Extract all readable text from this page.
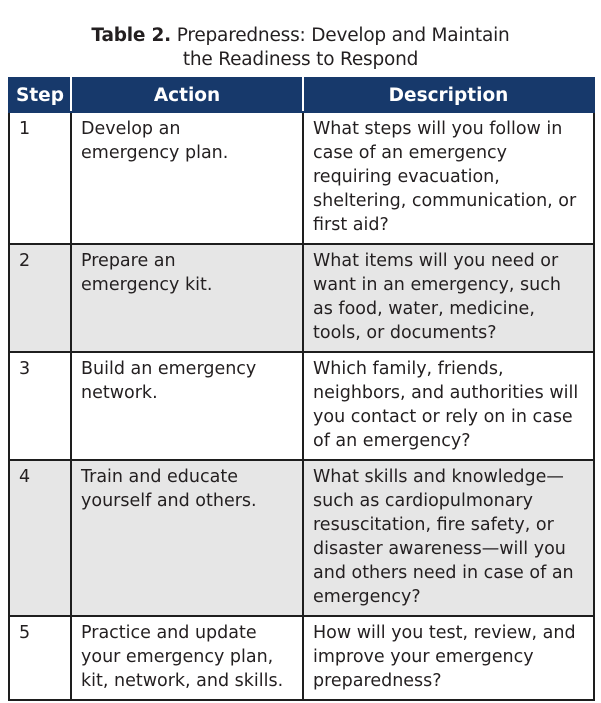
Table 2. Preparedness: Develop and Maintain
the Readiness to Respond
Step	Action	Description
1	Develop an emergency plan.	What steps will you follow in case of an emergency requiring evacuation, sheltering, communication, or first aid?
2	Prepare an emergency kit.	What items will you need or want in an emergency, such as food, water, medicine, tools, or documents?
3	Build an emergency network.	Which family, friends, neighbors, and authorities will you contact or rely on in case of an emergency?
4	Train and educate yourself and others.	What skills and knowledge—such as cardiopulmonary resuscitation, fire safety, or disaster awareness—will you and others need in case of an emergency?
5	Practice and update your emergency plan, kit, network, and skills.	How will you test, review, and improve your emergency preparedness?
